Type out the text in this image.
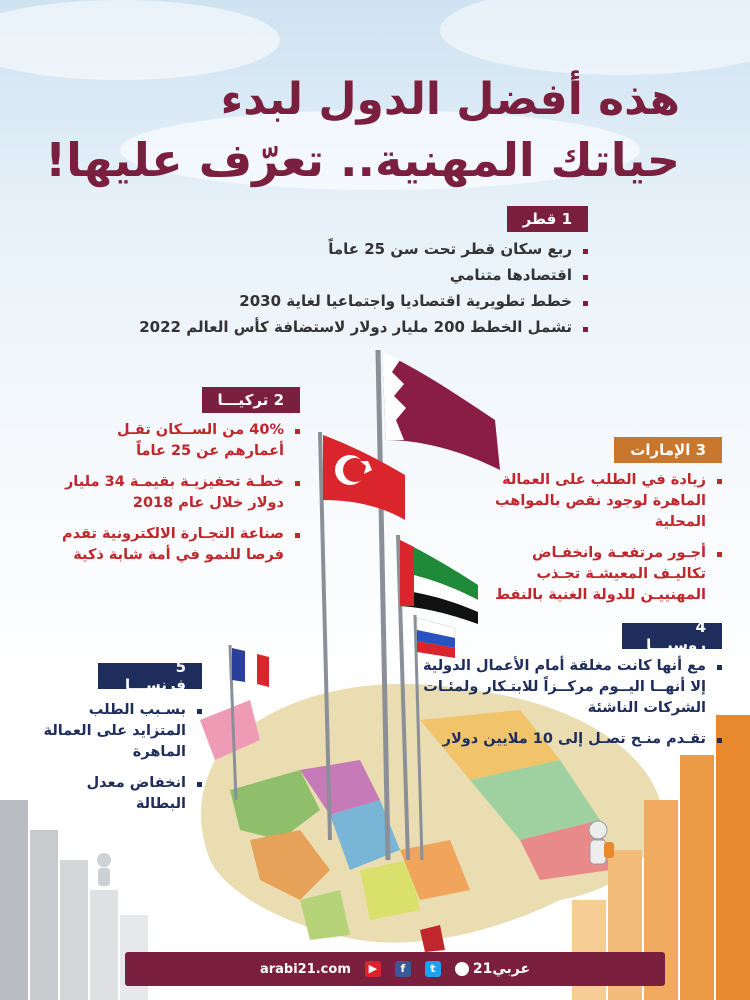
هذه أفضل الدول لبدء
حياتك المهنية.. تعرّف عليها!
1 قطر
ربع سكان قطر تحت سن 25 عاماً
اقتصادها متنامي
خطط تطويرية اقتصاديا واجتماعيا لغاية 2030
تشمل الخطط 200 مليار دولار لاستضافة كأس العالم 2022
2 تركيـــا
40% من الســكان تقـل أعمارهم عن 25 عاماً
خطـة تحفيزيـة بقيمـة 34 مليار دولار خلال عام 2018
صناعة التجـارة الالكترونية تقدم فرصا للنمو في أمة شابة ذكية
3 الإمارات
زيادة في الطلب على العمالة الماهرة لوجود نقص بالمواهب المحلية
أجـور مرتفعـة وانخفـاض تكاليـف المعيشـة تجـذب المهنييـن للدولة الغنية بالنفط
4 روسيـــا
مع أنها كانت مغلقة أمام الأعمال الدولية إلا أنهــا اليــوم مركــزاً للابتـكار ولمئـات الشركات الناشئة
تقـدم منـح تصـل إلى 10 ملايين دولار
5 فرنســـا
بسـبب الطلب المتزايد على العمالة الماهرة
انخفاض معدل البطالة
arabi21.com	▶	f	t	عربي21
